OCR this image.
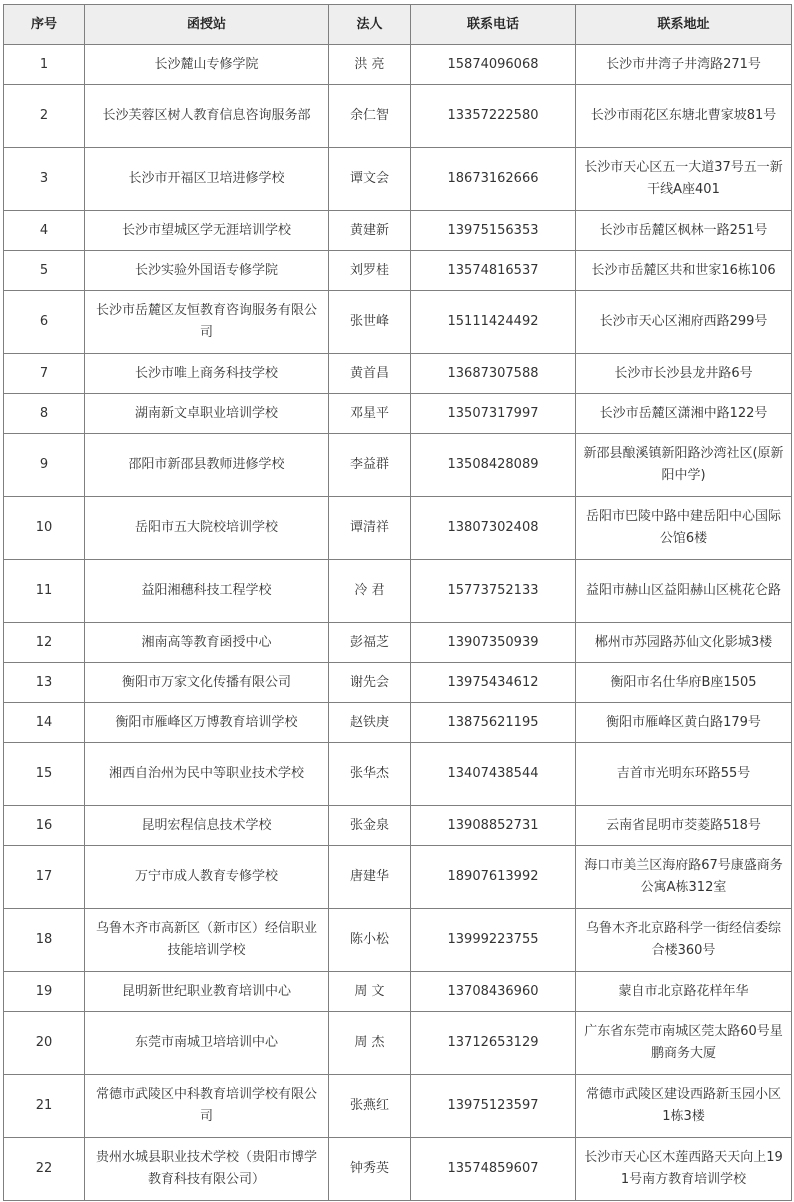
序号	函授站	法人	联系电话	联系地址
1	长沙麓山专修学院	洪 亮	15874096068	长沙市井湾子井湾路271号
2	长沙芙蓉区树人教育信息咨询服务部	余仁智	13357222580	长沙市雨花区东塘北曹家坡81号
3	长沙市开福区卫培进修学校	谭文会	18673162666	长沙市天心区五一大道37号五一新干线A座401
4	长沙市望城区学无涯培训学校	黄建新	13975156353	长沙市岳麓区枫林一路251号
5	长沙实验外国语专修学院	刘罗桂	13574816537	长沙市岳麓区共和世家16栋106
6	长沙市岳麓区友恒教育咨询服务有限公司	张世峰	15111424492	长沙市天心区湘府西路299号
7	长沙市唯上商务科技学校	黄首昌	13687307588	长沙市长沙县龙井路6号
8	湖南新文卓职业培训学校	邓星平	13507317997	长沙市岳麓区潇湘中路122号
9	邵阳市新邵县教师进修学校	李益群	13508428089	新邵县酿溪镇新阳路沙湾社区(原新阳中学)
10	岳阳市五大院校培训学校	谭清祥	13807302408	岳阳市巴陵中路中建岳阳中心国际公馆6楼
11	益阳湘穗科技工程学校	冷 君	15773752133	益阳市赫山区益阳赫山区桃花仑路
12	湘南高等教育函授中心	彭福芝	13907350939	郴州市苏园路苏仙文化影城3楼
13	衡阳市万家文化传播有限公司	谢先会	13975434612	衡阳市名仕华府B座1505
14	衡阳市雁峰区万博教育培训学校	赵铁庚	13875621195	衡阳市雁峰区黄白路179号
15	湘西自治州为民中等职业技术学校	张华杰	13407438544	吉首市光明东环路55号
16	昆明宏程信息技术学校	张金泉	13908852731	云南省昆明市茭菱路518号
17	万宁市成人教育专修学校	唐建华	18907613992	海口市美兰区海府路67号康盛商务公寓A栋312室
18	乌鲁木齐市高新区（新市区）经信职业技能培训学校	陈小松	13999223755	乌鲁木齐北京路科学一街经信委综合楼360号
19	昆明新世纪职业教育培训中心	周 文	13708436960	蒙自市北京路花样年华
20	东莞市南城卫培培训中心	周 杰	13712653129	广东省东莞市南城区莞太路60号星鹏商务大厦
21	常德市武陵区中科教育培训学校有限公司	张燕红	13975123597	常德市武陵区建设西路新玉园小区1栋3楼
22	贵州水城县职业技术学校（贵阳市博学教育科技有限公司）	钟秀英	13574859607	长沙市天心区木莲西路天天向上191号南方教育培训学校
